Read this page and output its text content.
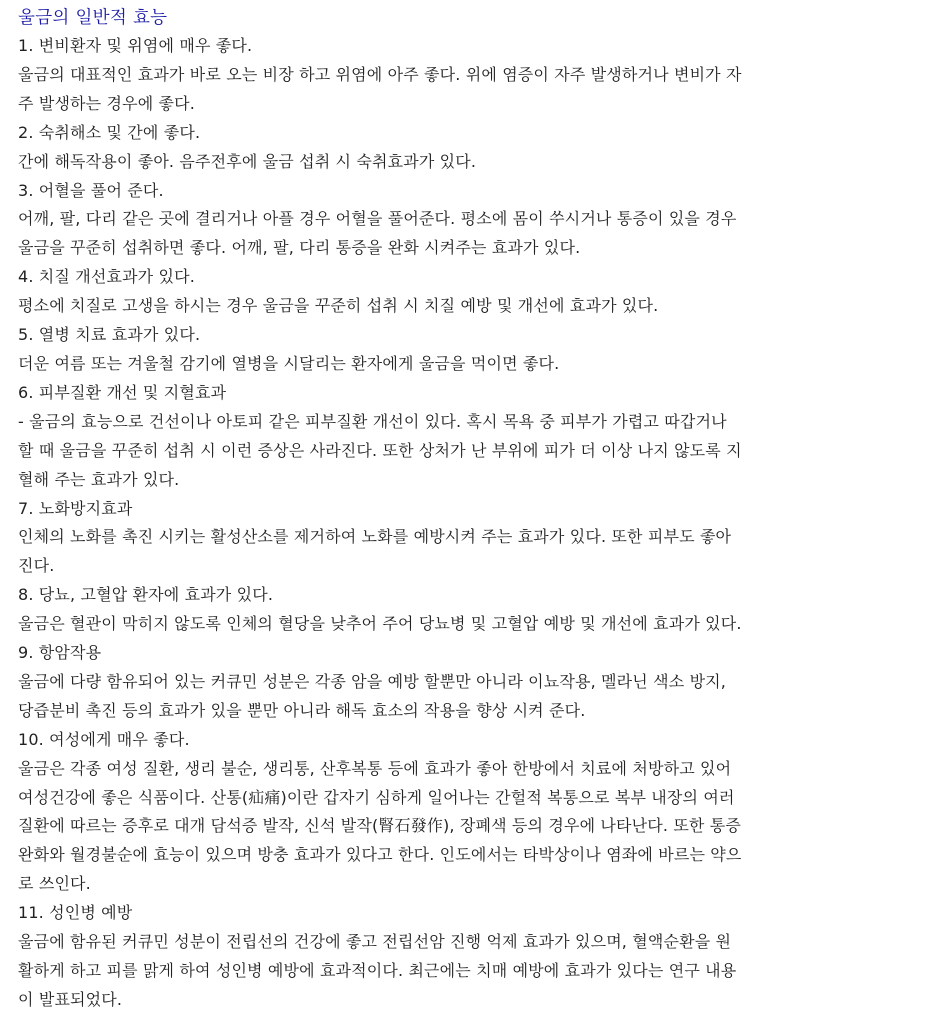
울금의 일반적 효능
1. 변비환자 및 위염에 매우 좋다.
울금의 대표적인 효과가 바로 오는 비장 하고 위염에 아주 좋다. 위에 염증이 자주 발생하거나 변비가 자
주 발생하는 경우에 좋다.
2. 숙취해소 및 간에 좋다.
간에 해독작용이 좋아. 음주전후에 울금 섭취 시 숙취효과가 있다.
3. 어혈을 풀어 준다.
어깨, 팔, 다리 같은 곳에 결리거나 아플 경우 어혈을 풀어준다. 평소에 몸이 쑤시거나 통증이 있을 경우
울금을 꾸준히 섭취하면 좋다. 어깨, 팔, 다리 통증을 완화 시켜주는 효과가 있다.
4. 치질 개선효과가 있다.
평소에 치질로 고생을 하시는 경우 울금을 꾸준히 섭취 시 치질 예방 및 개선에 효과가 있다.
5. 열병 치료 효과가 있다.
더운 여름 또는 겨울철 감기에 열병을 시달리는 환자에게 울금을 먹이면 좋다.
6. 피부질환 개선 및 지혈효과
- 울금의 효능으로 건선이나 아토피 같은 피부질환 개선이 있다. 혹시 목욕 중 피부가 가렵고 따갑거나
할 때 울금을 꾸준히 섭취 시 이런 증상은 사라진다. 또한 상처가 난 부위에 피가 더 이상 나지 않도록 지
혈해 주는 효과가 있다.
7. 노화방지효과
인체의 노화를 촉진 시키는 활성산소를 제거하여 노화를 예방시켜 주는 효과가 있다. 또한 피부도 좋아
진다.
8. 당뇨, 고혈압 환자에 효과가 있다.
울금은 혈관이 막히지 않도록 인체의 혈당을 낮추어 주어 당뇨병 및 고혈압 예방 및 개선에 효과가 있다.
9. 항암작용
울금에 다량 함유되어 있는 커큐민 성분은 각종 암을 예방 할뿐만 아니라 이뇨작용, 멜라닌 색소 방지,
당즙분비 촉진 등의 효과가 있을 뿐만 아니라 해독 효소의 작용을 향상 시켜 준다.
10. 여성에게 매우 좋다.
울금은 각종 여성 질환, 생리 불순, 생리통, 산후복통 등에 효과가 좋아 한방에서 치료에 처방하고 있어
여성건강에 좋은 식품이다. 산통(疝痛)이란 갑자기 심하게 일어나는 간헐적 복통으로 복부 내장의 여러
질환에 따르는 증후로 대개 담석증 발작, 신석 발작(腎石發作), 장폐색 등의 경우에 나타난다. 또한 통증
완화와 월경불순에 효능이 있으며 방충 효과가 있다고 한다. 인도에서는 타박상이나 염좌에 바르는 약으
로 쓰인다.
11. 성인병 예방
울금에 함유된 커큐민 성분이 전립선의 건강에 좋고 전립선암 진행 억제 효과가 있으며, 혈액순환을 원
활하게 하고 피를 맑게 하여 성인병 예방에 효과적이다. 최근에는 치매 예방에 효과가 있다는 연구 내용
이 발표되었다.
